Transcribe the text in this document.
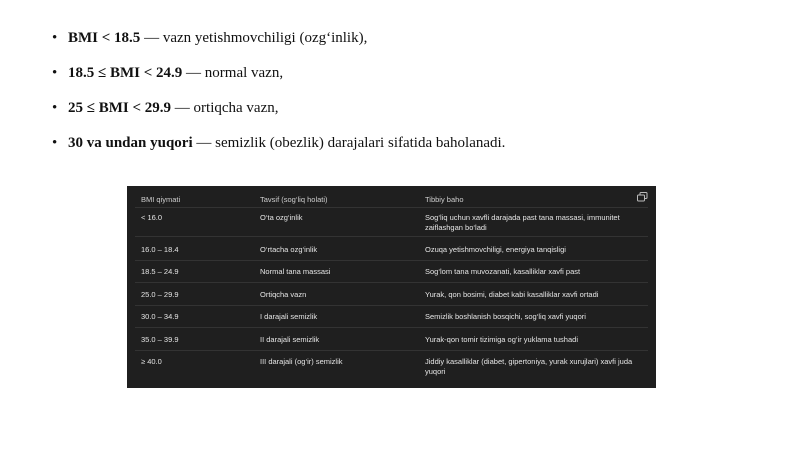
• BMI < 18.5 — vazn yetishmovchiligi (ozg‘inlik),
• 18.5 ≤ BMI < 24.9 — normal vazn,
• 25 ≤ BMI < 29.9 — ortiqcha vazn,
• 30 va undan yuqori — semizlik (obezlik) darajalari sifatida baholanadi.
BMI qiymati	Tavsif (sog‘liq holati)	Tibbiy baho
< 16.0	O‘ta ozg‘inlik	Sog‘liq uchun xavfli darajada past tana massasi, immunitet zaiflashgan bo‘ladi
16.0 – 18.4	O‘rtacha ozg‘inlik	Ozuqa yetishmovchiligi, energiya tanqisligi
18.5 – 24.9	Normal tana massasi	Sog‘lom tana muvozanati, kasalliklar xavfi past
25.0 – 29.9	Ortiqcha vazn	Yurak, qon bosimi, diabet kabi kasalliklar xavfi ortadi
30.0 – 34.9	I darajali semizlik	Semizlik boshlanish bosqichi, sog‘liq xavfi yuqori
35.0 – 39.9	II darajali semizlik	Yurak-qon tomir tizimiga og‘ir yuklama tushadi
≥ 40.0	III darajali (og‘ir) semizlik	Jiddiy kasalliklar (diabet, gipertoniya, yurak xurujlari) xavfi juda yuqori
